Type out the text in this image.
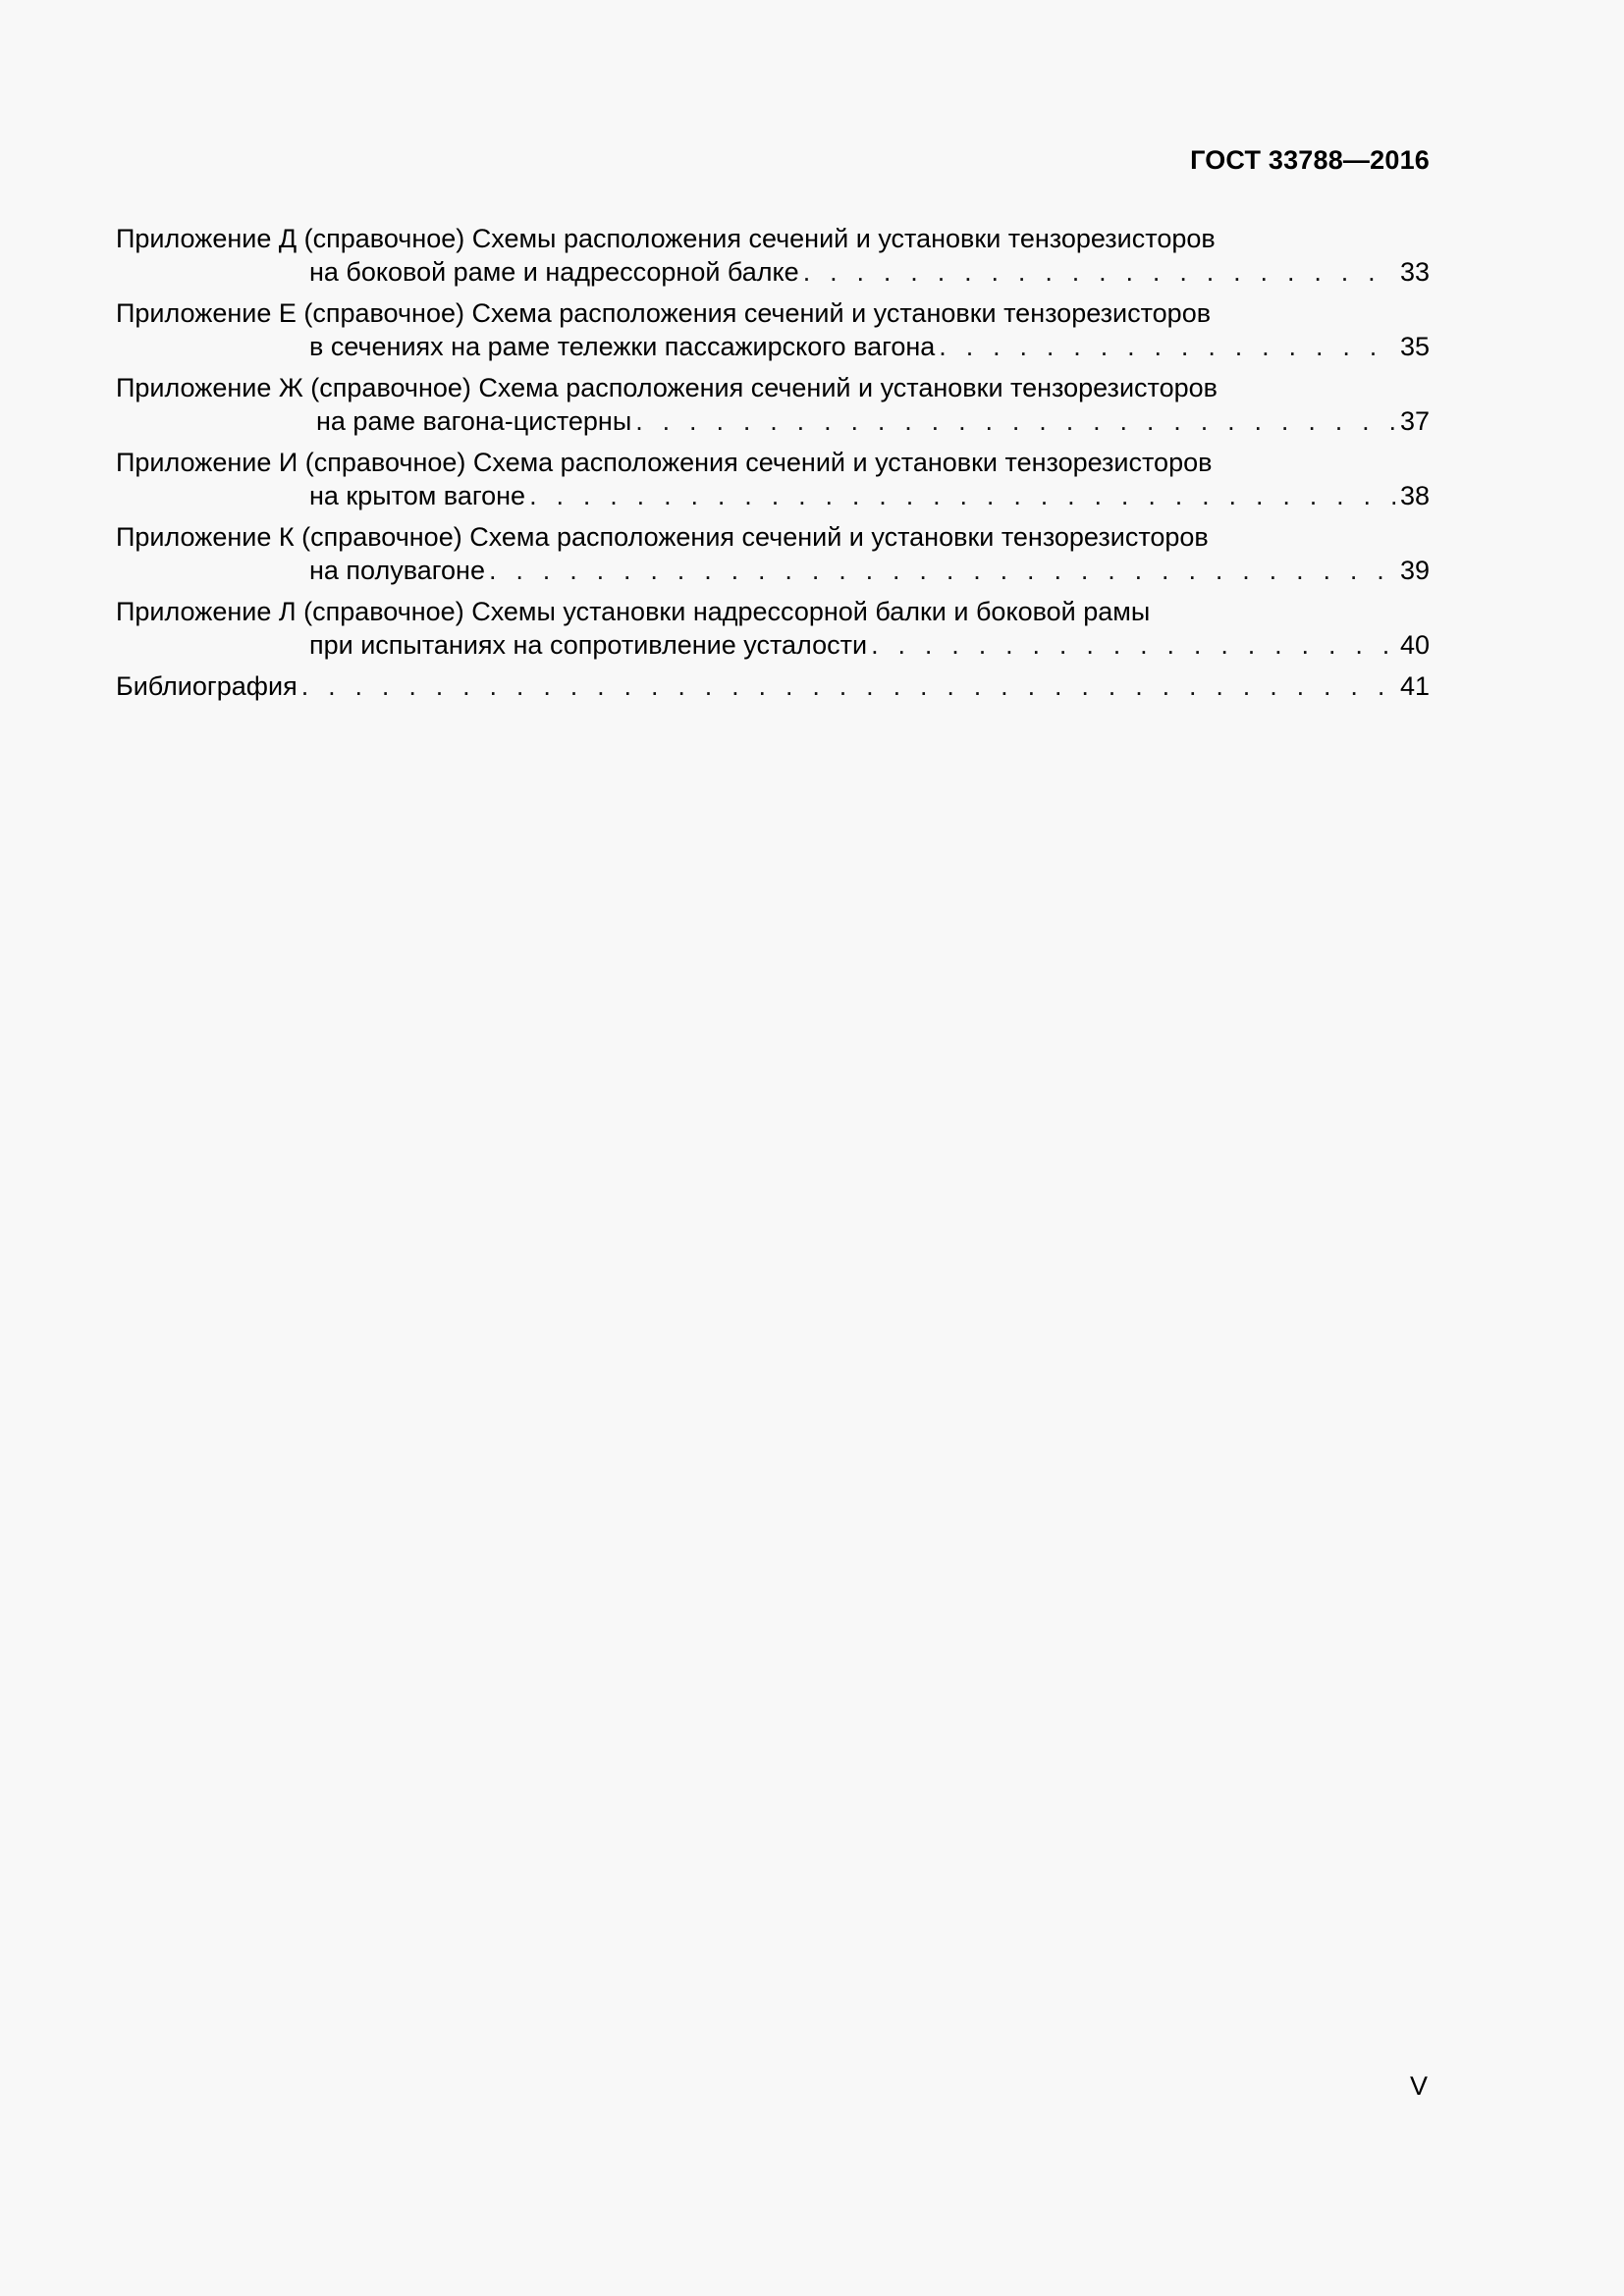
ГОСТ 33788—2016
Приложение Д (справочное) Схемы расположения сечений и установки тензорезисторов
на боковой раме и надрессорной балке . . .	33
Приложение Е (справочное) Схема расположения сечений и установки тензорезисторов
в сечениях на раме тележки пассажирского вагона . . .	35
Приложение Ж (справочное) Схема расположения сечений и установки тензорезисторов
на раме вагона-цистерны . . .	37
Приложение И (справочное) Схема расположения сечений и установки тензорезисторов
на крытом вагоне . . .	38
Приложение К (справочное) Схема расположения сечений и установки тензорезисторов
на полувагоне . . .	39
Приложение Л (справочное) Схемы установки надрессорной балки и боковой рамы
при испытаниях на сопротивление усталости . . .	40
Библиография . . .	41
V
